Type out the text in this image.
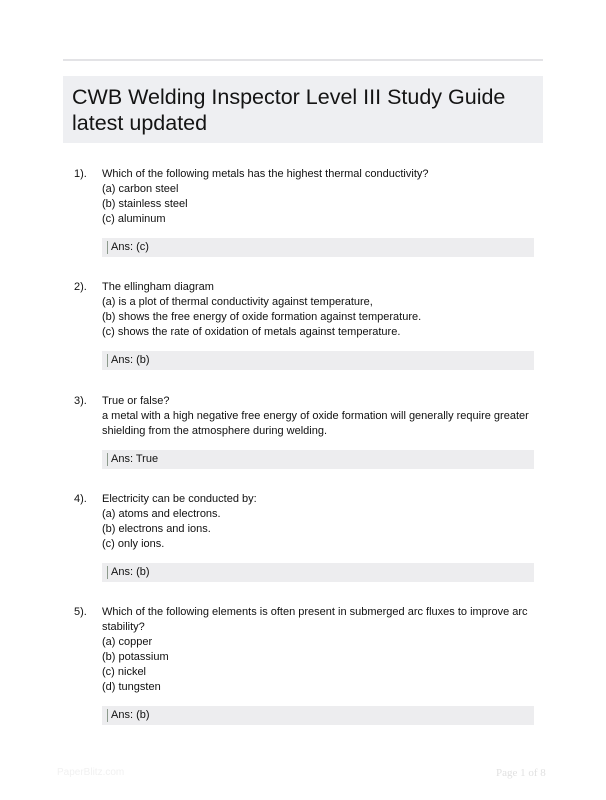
CWB Welding Inspector Level III Study Guide
latest updated
1). Which of the following metals has the highest thermal conductivity?
(a) carbon steel
(b) stainless steel
(c) aluminum
Ans: (c)
2). The ellingham diagram
(a) is a plot of thermal conductivity against temperature,
(b) shows the free energy of oxide formation against temperature.
(c) shows the rate of oxidation of metals against temperature.
Ans: (b)
3). True or false?
a metal with a high negative free energy of oxide formation will generally require greater
shielding from the atmosphere during welding.
Ans: True
4). Electricity can be conducted by:
(a) atoms and electrons.
(b) electrons and ions.
(c) only ions.
Ans: (b)
5). Which of the following elements is often present in submerged arc fluxes to improve arc
stability?
(a) copper
(b) potassium
(c) nickel
(d) tungsten
Ans: (b)
PaperBlitz.com	Page 1 of 8
